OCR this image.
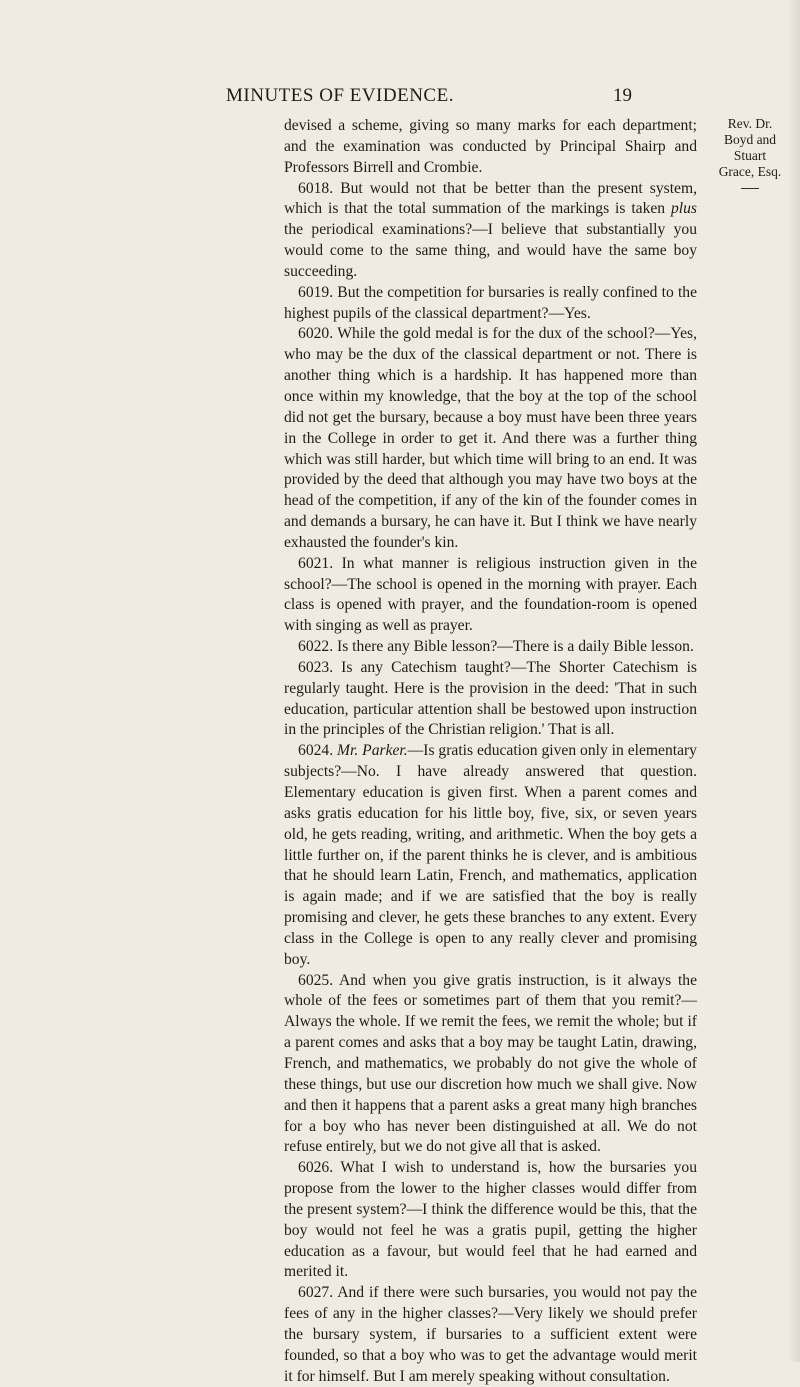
MINUTES OF EVIDENCE.	19
Rev. Dr.
Boyd and
Stuart
Grace, Esq.

devised a scheme, giving so many marks for each department; and the examination was conducted by Principal Shairp and Professors Birrell and Crombie.

6018. But would not that be better than the present system, which is that the total summation of the markings is taken plus the periodical examinations?—I believe that substantially you would come to the same thing, and would have the same boy succeeding.

6019. But the competition for bursaries is really confined to the highest pupils of the classical department?—Yes.

6020. While the gold medal is for the dux of the school?—Yes, who may be the dux of the classical department or not. There is another thing which is a hardship. It has happened more than once within my knowledge, that the boy at the top of the school did not get the bursary, because a boy must have been three years in the College in order to get it. And there was a further thing which was still harder, but which time will bring to an end. It was provided by the deed that although you may have two boys at the head of the competition, if any of the kin of the founder comes in and demands a bursary, he can have it. But I think we have nearly exhausted the founder's kin.

6021. In what manner is religious instruction given in the school?—The school is opened in the morning with prayer. Each class is opened with prayer, and the foundation-room is opened with singing as well as prayer.

6022. Is there any Bible lesson?—There is a daily Bible lesson.

6023. Is any Catechism taught?—The Shorter Catechism is regularly taught. Here is the provision in the deed: 'That in such education, particular attention shall be bestowed upon instruction in the principles of the Christian religion.' That is all.

6024. Mr. Parker.—Is gratis education given only in elementary subjects?—No. I have already answered that question. Elementary education is given first. When a parent comes and asks gratis education for his little boy, five, six, or seven years old, he gets reading, writing, and arithmetic. When the boy gets a little further on, if the parent thinks he is clever, and is ambitious that he should learn Latin, French, and mathematics, application is again made; and if we are satisfied that the boy is really promising and clever, he gets these branches to any extent. Every class in the College is open to any really clever and promising boy.

6025. And when you give gratis instruction, is it always the whole of the fees or sometimes part of them that you remit?—Always the whole. If we remit the fees, we remit the whole; but if a parent comes and asks that a boy may be taught Latin, drawing, French, and mathematics, we probably do not give the whole of these things, but use our discretion how much we shall give. Now and then it happens that a parent asks a great many high branches for a boy who has never been distinguished at all. We do not refuse entirely, but we do not give all that is asked.

6026. What I wish to understand is, how the bursaries you propose from the lower to the higher classes would differ from the present system?—I think the difference would be this, that the boy would not feel he was a gratis pupil, getting the higher education as a favour, but would feel that he had earned and merited it.

6027. And if there were such bursaries, you would not pay the fees of any in the higher classes?—Very likely we should prefer the bursary system, if bursaries to a sufficient extent were founded, so that a boy who was to get the advantage would merit it for himself. But I am merely speaking without consultation.
